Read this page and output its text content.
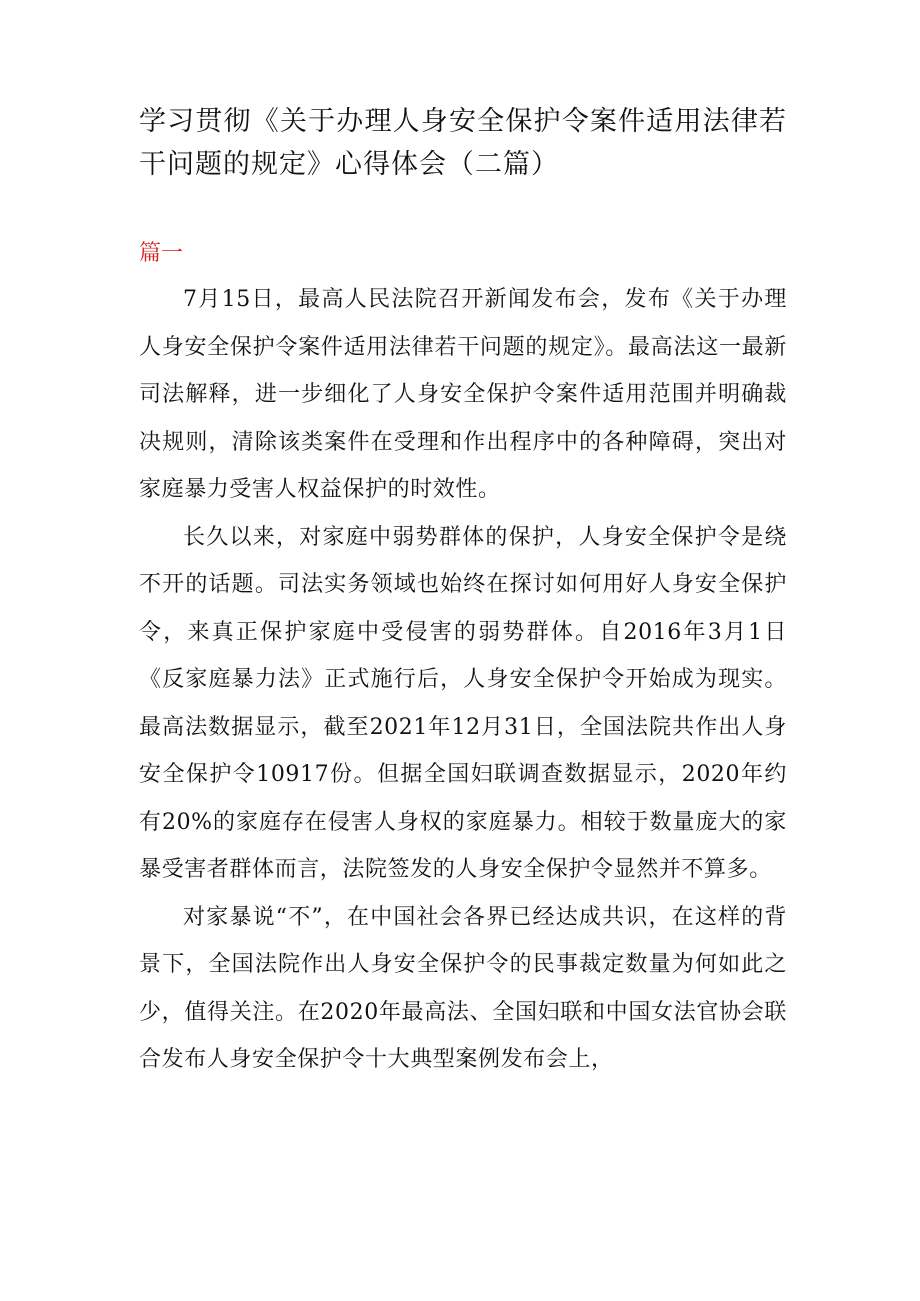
学习贯彻《关于办理人身安全保护令案件适用法律若干问题的规定》心得体会（二篇）
篇一

7月15日，最高人民法院召开新闻发布会，发布《关于办理人身安全保护令案件适用法律若干问题的规定》。最高法这一最新司法解释，进一步细化了人身安全保护令案件适用范围并明确裁决规则，清除该类案件在受理和作出程序中的各种障碍，突出对家庭暴力受害人权益保护的时效性。

长久以来，对家庭中弱势群体的保护，人身安全保护令是绕不开的话题。司法实务领域也始终在探讨如何用好人身安全保护令，来真正保护家庭中受侵害的弱势群体。自2016年3月1日《反家庭暴力法》正式施行后，人身安全保护令开始成为现实。最高法数据显示，截至2021年12月31日，全国法院共作出人身安全保护令10917份。但据全国妇联调查数据显示，2020年约有20%的家庭存在侵害人身权的家庭暴力。相较于数量庞大的家暴受害者群体而言，法院签发的人身安全保护令显然并不算多。

对家暴说“不”，在中国社会各界已经达成共识，在这样的背景下，全国法院作出人身安全保护令的民事裁定数量为何如此之少，值得关注。在2020年最高法、全国妇联和中国女法官协会联合发布人身安全保护令十大典型案例发布会上，
